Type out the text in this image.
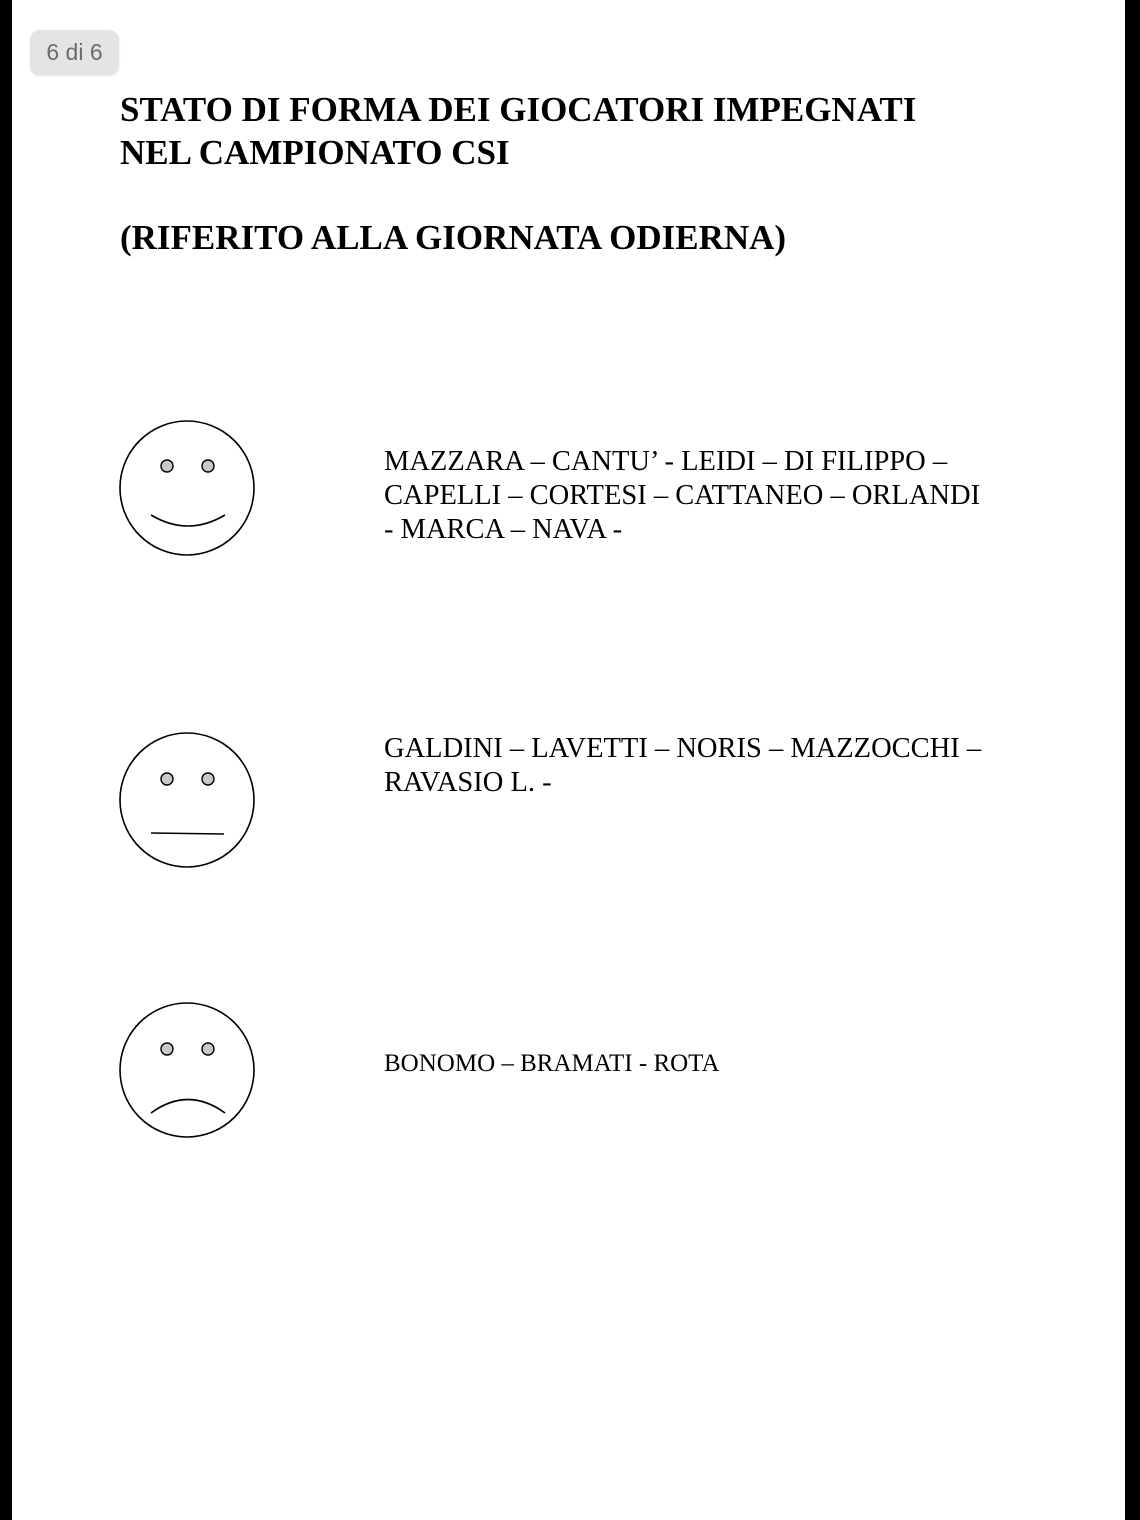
6 di 6
STATO DI FORMA DEI GIOCATORI IMPEGNATI
NEL CAMPIONATO CSI
(RIFERITO ALLA GIORNATA ODIERNA)

MAZZARA – CANTU’ - LEIDI – DI FILIPPO –
CAPELLI – CORTESI – CATTANEO – ORLANDI
- MARCA – NAVA -

GALDINI – LAVETTI – NORIS – MAZZOCCHI –
RAVASIO L. -

BONOMO – BRAMATI - ROTA
